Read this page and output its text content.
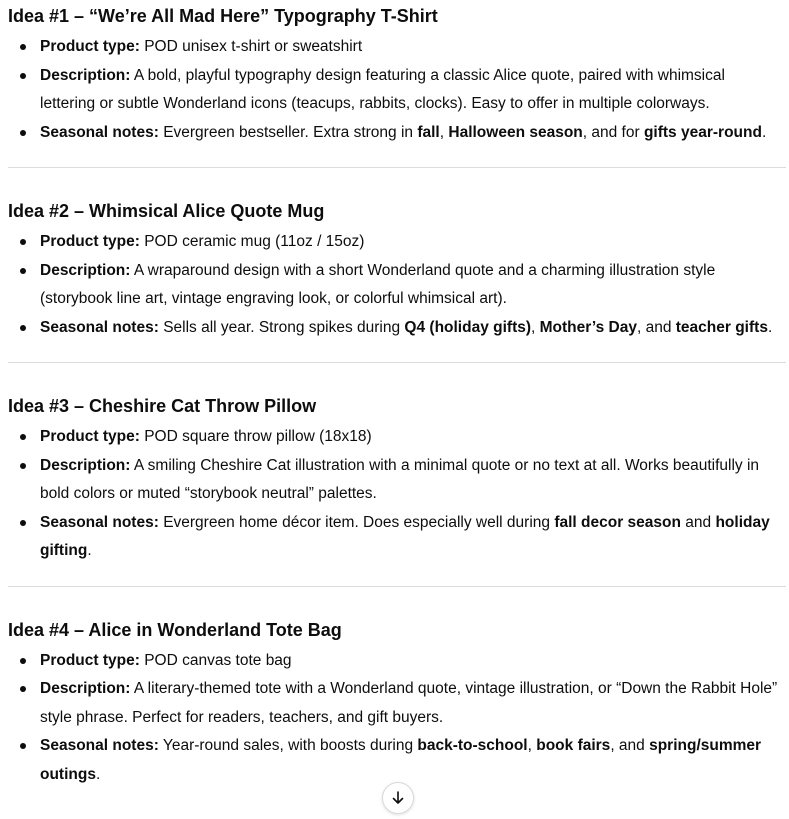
Idea #1 – “We’re All Mad Here” Typography T-Shirt
Product type: POD unisex t-shirt or sweatshirt
Description: A bold, playful typography design featuring a classic Alice quote, paired with whimsical lettering or subtle Wonderland icons (teacups, rabbits, clocks). Easy to offer in multiple colorways.
Seasonal notes: Evergreen bestseller. Extra strong in fall, Halloween season, and for gifts year-round.
Idea #2 – Whimsical Alice Quote Mug
Product type: POD ceramic mug (11oz / 15oz)
Description: A wraparound design with a short Wonderland quote and a charming illustration style (storybook line art, vintage engraving look, or colorful whimsical art).
Seasonal notes: Sells all year. Strong spikes during Q4 (holiday gifts), Mother’s Day, and teacher gifts.
Idea #3 – Cheshire Cat Throw Pillow
Product type: POD square throw pillow (18x18)
Description: A smiling Cheshire Cat illustration with a minimal quote or no text at all. Works beautifully in bold colors or muted “storybook neutral” palettes.
Seasonal notes: Evergreen home décor item. Does especially well during fall decor season and holiday gifting.
Idea #4 – Alice in Wonderland Tote Bag
Product type: POD canvas tote bag
Description: A literary-themed tote with a Wonderland quote, vintage illustration, or “Down the Rabbit Hole” style phrase. Perfect for readers, teachers, and gift buyers.
Seasonal notes: Year-round sales, with boosts during back-to-school, book fairs, and spring/summer outings.
